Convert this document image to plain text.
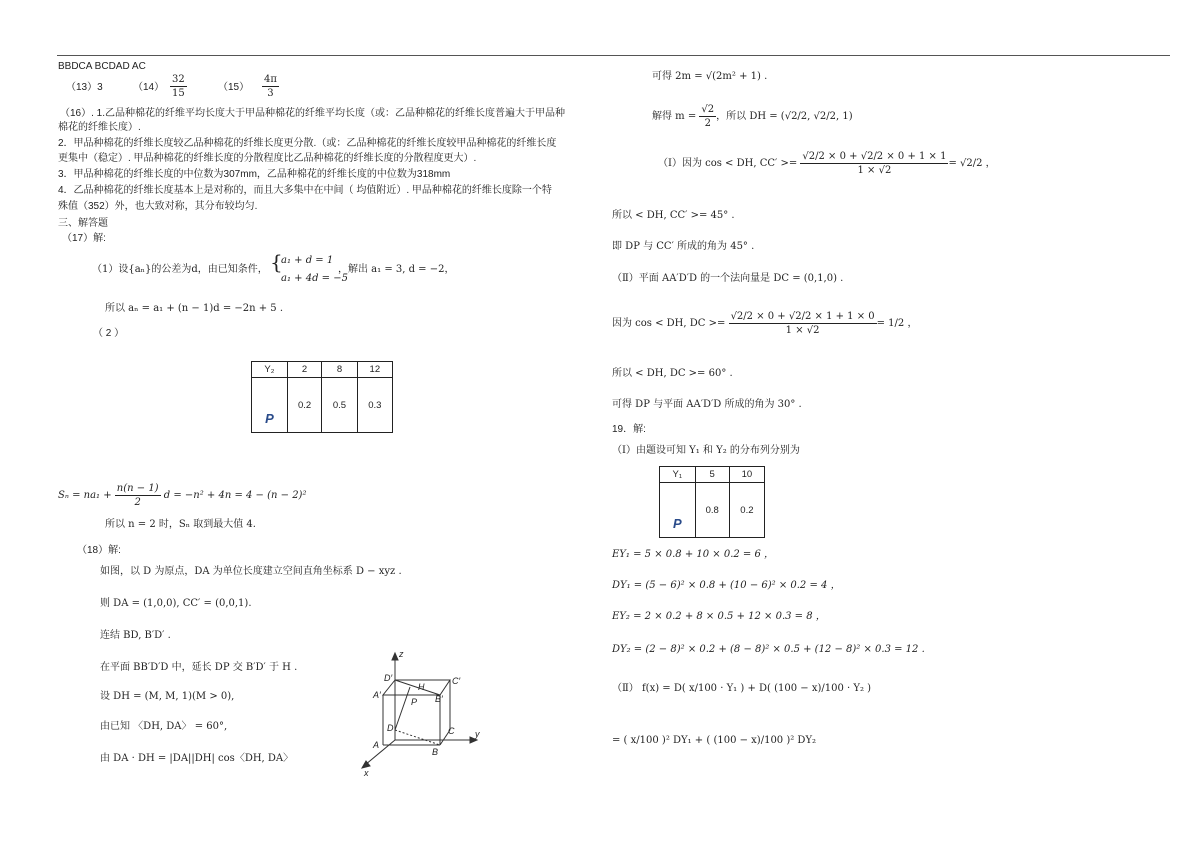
BBDCA BCDAD AC
（13）3	$(14) \frac{32}{15}$	$(15) \frac{4\pi}{3}$
（16）. 1.乙品种棉花的纤维平均长度大于甲品种棉花的纤维平均长度（或：乙品种棉花的纤维长度普遍大于甲品种
棉花的纤维长度）.
2．甲品种棉花的纤维长度较乙品种棉花的纤维长度更分散.（或：乙品种棉花的纤维长度较甲品种棉花的纤维长度
更集中（稳定）. 甲品种棉花的纤维长度的分散程度比乙品种棉花的纤维长度的分散程度更大）.
3．甲品种棉花的纤维长度的中位数为307mm，乙品种棉花的纤维长度的中位数为318mm
4．乙品种棉花的纤维长度基本上是对称的，而且大多集中在中间（ 均值附近）. 甲品种棉花的纤维长度除一个特
殊值（352）外，也大致对称，其分布较均匀.
三、解答题
（17）解:
（1）设{aₙ}的公差为d，由已知条件， {
a₁ + d = 1
a₁ + 4d = −5
，解出 a₁ = 3, d = −2，
所以 aₙ = a₁ + (n − 1)d = −2n + 5 .
（ 2 ）
Y₂	2	8	12
P	0.2	0.5	0.3
$S_n = na_1 + \frac{n(n - 1)}{2}$ d = −n² + 4n = 4 − (n − 2)²
所以 n = 2 时，Sₙ 取到最大值 4.
（18）解:
如图，以 D 为原点，DA 为单位长度建立空间直角坐标系 D − xyz .
则 DA = (1,0,0), CC′ = (0,0,1).
连结 BD, B′D′ .
在平面 BB′D′D 中，延长 DP 交 B′D′ 于 H .
设 DH = (M, M, 1)(M > 0),
由已知 〈DH, DA〉 = 60°,
由 DA · DH = |DA||DH| cos〈DH, DA〉
z
y
x
D′	C′
A′	B′
H
P
D	C
A
B
可得 2m = √(2m² + 1) .
解得 $m = \frac{√2}{2}$ ，所以 DH = (√2/2, √2/2, 1)
（Ⅰ）因为 cos < DH, $CC' >= \frac{√2/2 \times 0 + √2/2 \times 0 + 1 \times 1}{1 \times √2} = √2/2$ ，
所以 < DH, CC′ >= 45° .
即 DP 与 CC′ 所成的角为 45° .
（Ⅱ）平面 AA′D′D 的一个法向量是 DC = (0,1,0) .
因为 cos < DH, DC >= $\frac{√2/2 \times 0 + √2/2 \times 1 + 1 \times 0}{1 \times √2} = 1/2$ ，
所以 < DH, DC >= 60° .
可得 DP 与平面 AA′D′D 所成的角为 30° .
19．解:
（Ⅰ）由题设可知 Y₁ 和 Y₂ 的分布列分别为
Y₁	5	10
P	0.8	0.2
EY₁ = 5 × 0.8 + 10 × 0.2 = 6 ，
DY₁ = (5 − 6)² × 0.8 + (10 − 6)² × 0.2 = 4 ，
EY₂ = 2 × 0.2 + 8 × 0.5 + 12 × 0.3 = 8 ，
DY₂ = (2 − 8)² × 0.2 + (8 − 8)² × 0.5 + (12 − 8)² × 0.3 = 12 .
（Ⅱ） f(x) = D( x/100 · Y₁ ) + D( (100 − x)/100 · Y₂ )
= ( x/100 )² DY₁ + ( (100 − x)/100 )² DY₂
